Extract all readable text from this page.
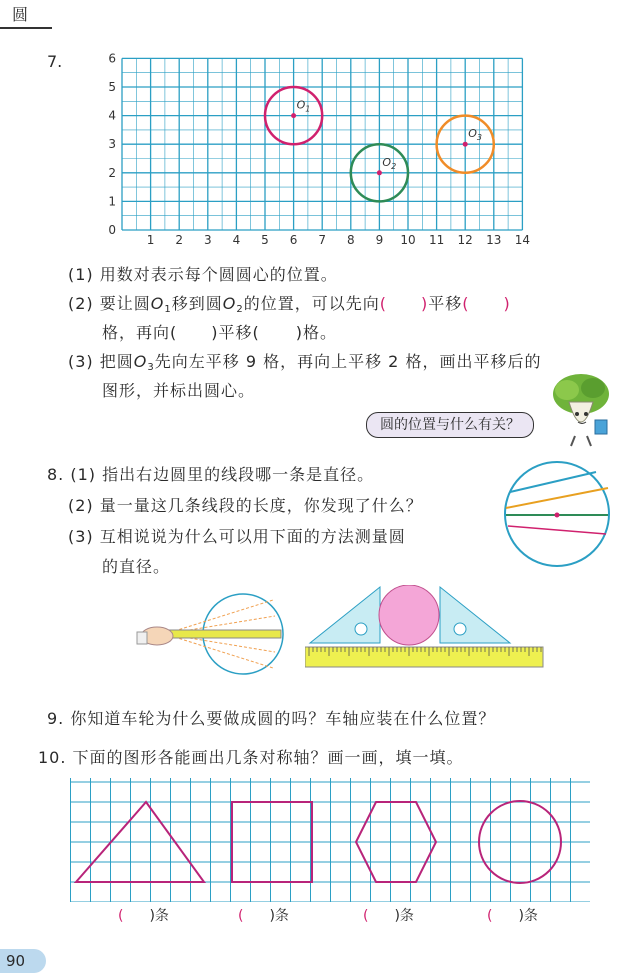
圆
7.
1 2 3 4 5 6 7 8 9 10 11 12 13 14
0
1
2
3
4
5
6
$O_1$
$O_2$
$O_3$
(1) 用数对表示每个圆圆心的位置。
(2) 要让圆$O_1$移到圆$O_2$的位置，可以先向(　　)平移(　　)
格，再向( )平移( )格。
(3) 把圆$O_3$先向左平移 9 格，再向上平移 2 格，画出平移后的
图形，并标出圆心。
圆的位置与什么有关？
8. (1) 指出右边圆里的线段哪一条是直径。
(2) 量一量这几条线段的长度，你发现了什么？
(3) 互相说说为什么可以用下面的方法测量圆
的直径。
9. 你知道车轮为什么要做成圆的吗？车轴应装在什么位置？
10. 下面的图形各能画出几条对称轴？画一画，填一填。
( )条	( )条	( )条	( )条
90
